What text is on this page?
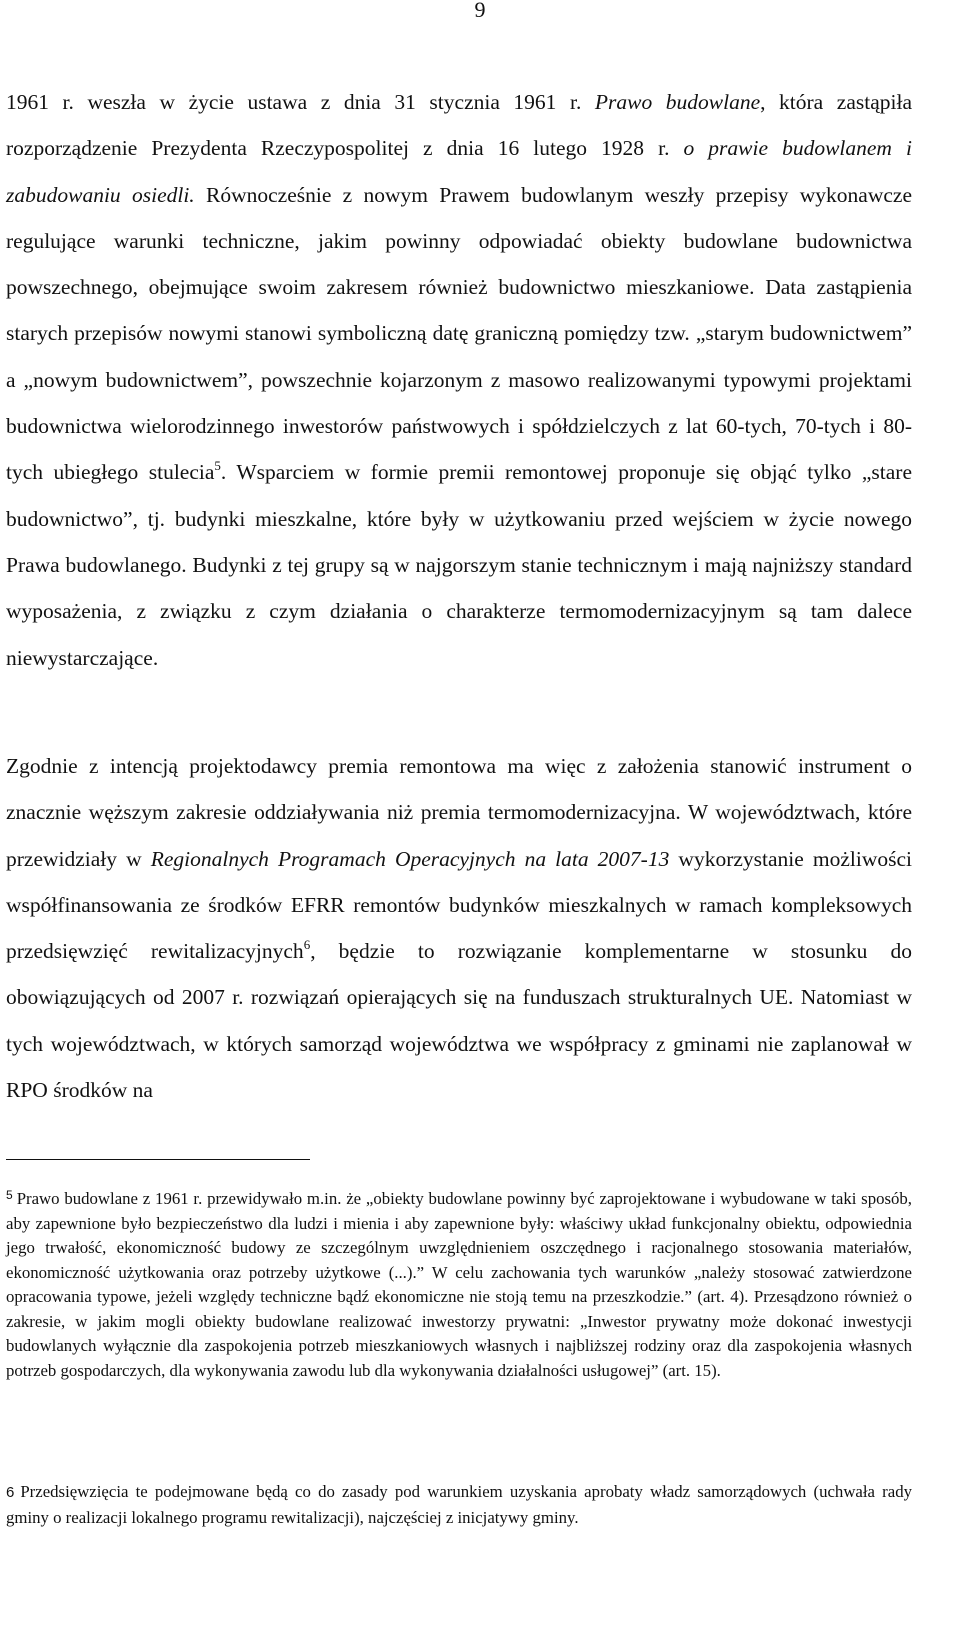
9

1961 r. weszła w życie ustawa z dnia 31 stycznia 1961 r. Prawo budowlane, która zastąpiła rozporządzenie Prezydenta Rzeczypospolitej z dnia 16 lutego 1928 r. o prawie budowlanem i zabudowaniu osiedli. Równocześnie z nowym Prawem budowlanym weszły przepisy wykonawcze regulujące warunki techniczne, jakim powinny odpowiadać obiekty budowlane budownictwa powszechnego, obejmujące swoim zakresem również budownictwo mieszkaniowe. Data zastąpienia starych przepisów nowymi stanowi symboliczną datę graniczną pomiędzy tzw. „starym budownictwem” a „nowym budownictwem”, powszechnie kojarzonym z masowo realizowanymi typowymi projektami budownictwa wielorodzinnego inwestorów państwowych i spółdzielczych z lat 60-tych, 70-tych i 80-tych ubiegłego stulecia$^5$. Wsparciem w formie premii remontowej proponuje się objąć tylko „stare budownictwo”, tj. budynki mieszkalne, które były w użytkowaniu przed wejściem w życie nowego Prawa budowlanego. Budynki z tej grupy są w najgorszym stanie technicznym i mają najniższy standard wyposażenia, z związku z czym działania o charakterze termomodernizacyjnym są tam dalece niewystarczające.

Zgodnie z intencją projektodawcy premia remontowa ma więc z założenia stanowić instrument o znacznie węższym zakresie oddziaływania niż premia termomodernizacyjna. W województwach, które przewidziały w Regionalnych Programach Operacyjnych na lata 2007-13 wykorzystanie możliwości współfinansowania ze środków EFRR remontów budynków mieszkalnych w ramach kompleksowych przedsięwzięć rewitalizacyjnych$^6$, będzie to rozwiązanie komplementarne w stosunku do obowiązujących od 2007 r. rozwiązań opierających się na funduszach strukturalnych UE. Natomiast w tych województwach, w których samorząd województwa we współpracy z gminami nie zaplanował w RPO środków na

$^5$ Prawo budowlane z 1961 r. przewidywało m.in. że „obiekty budowlane powinny być zaprojektowane i wybudowane w taki sposób, aby zapewnione było bezpieczeństwo dla ludzi i mienia i aby zapewnione były: właściwy układ funkcjonalny obiektu, odpowiednia jego trwałość, ekonomiczność budowy ze szczególnym uwzględnieniem oszczędnego i racjonalnego stosowania materiałów, ekonomiczność użytkowania oraz potrzeby użytkowe (...).” W celu zachowania tych warunków „należy stosować zatwierdzone opracowania typowe, jeżeli względy techniczne bądź ekonomiczne nie stoją temu na przeszkodzie.” (art. 4). Przesądzono również o zakresie, w jakim mogli obiekty budowlane realizować inwestorzy prywatni: „Inwestor prywatny może dokonać inwestycji budowlanych wyłącznie dla zaspokojenia potrzeb mieszkaniowych własnych i najbliższej rodziny oraz dla zaspokojenia własnych potrzeb gospodarczych, dla wykonywania zawodu lub dla wykonywania działalności usługowej” (art. 15).

6 Przedsięwzięcia te podejmowane będą co do zasady pod warunkiem uzyskania aprobaty władz samorządowych (uchwała rady gminy o realizacji lokalnego programu rewitalizacji), najczęściej z inicjatywy gminy.
